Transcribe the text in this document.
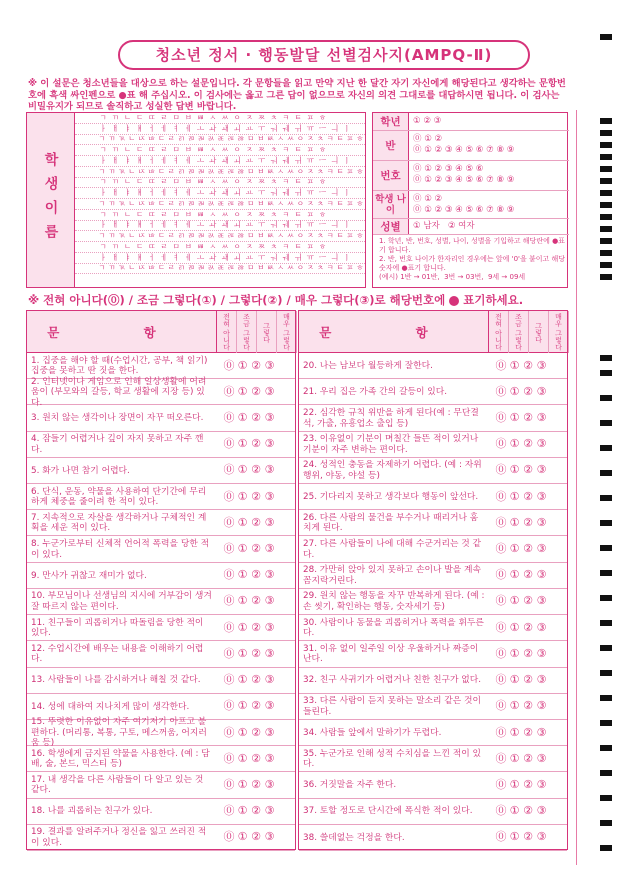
청소년 정서 · 행동발달 선별검사지(AMPQ-Ⅱ)
※ 이 설문은 청소년들을 대상으로 하는 설문입니다. 각 문항들을 읽고 만약 지난 한 달간 자기 자신에게 해당된다고 생각하는 문항번호에 흑색 싸인펜으로 ●표 해 주십시오. 이 검사에는 옳고 그른 답이 없으므로 자신의 의견 그대로를 대답하시면 됩니다. 이 검사는 비밀유지가 되므로 솔직하고 성실한 답변 바랍니다.
학생이름
ㄱ ㄲ ㄴ ㄷ ㄸ ㄹ ㅁ ㅂ ㅃ ㅅ ㅆ ㅇ ㅈ ㅉ ㅊ ㅋ ㅌ ㅍ ㅎ
ㅏ ㅐ ㅑ ㅒ ㅓ ㅔ ㅕ ㅖ ㅗ ㅘ ㅙ ㅚ ㅛ ㅜ ㅝ ㅞ ㅟ ㅠ ㅡ ㅢ ㅣ
ㄱ ㄲ ㄳ ㄴ ㄵ ㄶ ㄷ ㄹ ㄺ ㄻ ㄼ ㄽ ㄾ ㄿ ㅀ ㅁ ㅂ ㅄ ㅅ ㅆ ㅇ ㅈ ㅊ ㅋ ㅌ ㅍ ㅎ
ㄱ ㄲ ㄴ ㄷ ㄸ ㄹ ㅁ ㅂ ㅃ ㅅ ㅆ ㅇ ㅈ ㅉ ㅊ ㅋ ㅌ ㅍ ㅎ
ㅏ ㅐ ㅑ ㅒ ㅓ ㅔ ㅕ ㅖ ㅗ ㅘ ㅙ ㅚ ㅛ ㅜ ㅝ ㅞ ㅟ ㅠ ㅡ ㅢ ㅣ
ㄱ ㄲ ㄳ ㄴ ㄵ ㄶ ㄷ ㄹ ㄺ ㄻ ㄼ ㄽ ㄾ ㄿ ㅀ ㅁ ㅂ ㅄ ㅅ ㅆ ㅇ ㅈ ㅊ ㅋ ㅌ ㅍ ㅎ
ㄱ ㄲ ㄴ ㄷ ㄸ ㄹ ㅁ ㅂ ㅃ ㅅ ㅆ ㅇ ㅈ ㅉ ㅊ ㅋ ㅌ ㅍ ㅎ
ㅏ ㅐ ㅑ ㅒ ㅓ ㅔ ㅕ ㅖ ㅗ ㅘ ㅙ ㅚ ㅛ ㅜ ㅝ ㅞ ㅟ ㅠ ㅡ ㅢ ㅣ
ㄱ ㄲ ㄳ ㄴ ㄵ ㄶ ㄷ ㄹ ㄺ ㄻ ㄼ ㄽ ㄾ ㄿ ㅀ ㅁ ㅂ ㅄ ㅅ ㅆ ㅇ ㅈ ㅊ ㅋ ㅌ ㅍ ㅎ
ㄱ ㄲ ㄴ ㄷ ㄸ ㄹ ㅁ ㅂ ㅃ ㅅ ㅆ ㅇ ㅈ ㅉ ㅊ ㅋ ㅌ ㅍ ㅎ
ㅏ ㅐ ㅑ ㅒ ㅓ ㅔ ㅕ ㅖ ㅗ ㅘ ㅙ ㅚ ㅛ ㅜ ㅝ ㅞ ㅟ ㅠ ㅡ ㅢ ㅣ
ㄱ ㄲ ㄳ ㄴ ㄵ ㄶ ㄷ ㄹ ㄺ ㄻ ㄼ ㄽ ㄾ ㄿ ㅀ ㅁ ㅂ ㅄ ㅅ ㅆ ㅇ ㅈ ㅊ ㅋ ㅌ ㅍ ㅎ
ㄱ ㄲ ㄴ ㄷ ㄸ ㄹ ㅁ ㅂ ㅃ ㅅ ㅆ ㅇ ㅈ ㅉ ㅊ ㅋ ㅌ ㅍ ㅎ
ㅏ ㅐ ㅑ ㅒ ㅓ ㅔ ㅕ ㅖ ㅗ ㅘ ㅙ ㅚ ㅛ ㅜ ㅝ ㅞ ㅟ ㅠ ㅡ ㅢ ㅣ
ㄱ ㄲ ㄳ ㄴ ㄵ ㄶ ㄷ ㄹ ㄺ ㄻ ㄼ ㄽ ㄾ ㄿ ㅀ ㅁ ㅂ ㅄ ㅅ ㅆ ㅇ ㅈ ㅊ ㅋ ㅌ ㅍ ㅎ
학년	① ② ③
반
⓪ ① ②
⓪ ① ② ③ ④ ⑤ ⑥ ⑦ ⑧ ⑨
번호
⓪ ① ② ③ ④ ⑤ ⑥
⓪ ① ② ③ ④ ⑤ ⑥ ⑦ ⑧ ⑨
학생 나이
⓪ ① ②
⓪ ① ② ③ ④ ⑤ ⑥ ⑦ ⑧ ⑨
성별	① 남자   ② 여자
1. 학년, 반, 번호, 성별, 나이, 성별을 기입하고 해당란에 ●표기 합니다.
2. 반, 번호 나이가 한자리인 경우에는 앞에 '0'을 붙이고 해당 숫자에 ●표기 합니다.
(예시) 1반 → 01반,  3번 → 03번,  9세 → 09세
※ 전혀 아니다(⓪) / 조금 그렇다(①) / 그렇다(②) / 매우 그렇다(③)로 해당번호에 표기하세요.
문 항	전혀 아니다	조금 그렇다	그렇다	매우 그렇다
1. 집중을 해야 할 때(수업시간, 공부, 책 읽기) 집중을 못하고 딴 짓을 한다.	⓪ ① ② ③
2. 인터넷이나 게임으로 인해 일상생활에 어려움이 (부모와의 갈등, 학교 생활에 지장 등) 있다.
⓪ ① ② ③
3. 원치 않는 생각이나 장면이 자꾸 떠오른다.	⓪ ① ② ③
4. 잠들기 어렵거나 깊이 자지 못하고 자주 깬다.	⓪ ① ② ③
5. 화가 나면 참기 어렵다.	⓪ ① ② ③
6. 단식, 운동, 약물을 사용하여 단기간에 무리하게 체중을 줄이려 한 적이 있다.	⓪ ① ② ③
7. 지속적으로 자살을 생각하거나 구체적인 계획을 세운 적이 있다.	⓪ ① ② ③
8. 누군가로부터 신체적 언어적 폭력을 당한 적이 있다.	⓪ ① ② ③
9. 만사가 귀찮고 재미가 없다.	⓪ ① ② ③
10. 부모님이나 선생님의 지시에 거부감이 생겨 잘 따르지 않는 편이다.	⓪ ① ② ③
11. 친구들이 괴롭히거나 따돌림을 당한 적이 있다.	⓪ ① ② ③
12. 수업시간에 배우는 내용을 이해하기 어렵다.	⓪ ① ② ③
13. 사람들이 나를 감시하거나 해칠 것 같다.	⓪ ① ② ③
14. 성에 대하여 지나치게 많이 생각한다.	⓪ ① ② ③
15. 뚜렷한 이유없이 자주 여기저기 아프고 불편하다. (머리통, 복통, 구토, 메스꺼움, 어지러움 등)
⓪ ① ② ③
16. 학생에게 금지된 약물을 사용한다. (예 : 담배, 술, 본드, 믹스티 등)	⓪ ① ② ③
17. 내 생각을 다른 사람들이 다 알고 있는 것 같다.	⓪ ① ② ③
18. 나를 괴롭히는 친구가 있다.	⓪ ① ② ③
19. 결과를 알려주거나 정신을 잃고 쓰러진 적이 있다.	⓪ ① ② ③
문 항	전혀 아니다	조금 그렇다	그렇다	매우 그렇다
20. 나는 남보다 월등하게 잘한다.	⓪ ① ② ③
21. 우리 집은 가족 간의 갈등이 있다.	⓪ ① ② ③
22. 심각한 규칙 위반을 하게 된다(예 : 무단결석, 가출, 유흥업소 출입 등)	⓪ ① ② ③
23. 이유없이 기분이 며칠간 들뜬 적이 있거나 기분이 자주 변하는 편이다.	⓪ ① ② ③
24. 성적인 충동을 자제하기 어렵다. (예 : 자위행위, 야동, 야설 등)	⓪ ① ② ③
25. 기다리지 못하고 생각보다 행동이 앞선다.	⓪ ① ② ③
26. 다른 사람의 물건을 부수거나 때리거나 훔치게 된다.	⓪ ① ② ③
27. 다른 사람들이 나에 대해 수군거리는 것 같다.	⓪ ① ② ③
28. 가만히 앉아 있지 못하고 손이나 발을 계속 꼼지락거린다.	⓪ ① ② ③
29. 원치 않는 행동을 자꾸 반복하게 된다. (예 : 손 씻기, 확인하는 행동, 숫자세기 등)	⓪ ① ② ③
30. 사람이나 동물을 괴롭히거나 폭력을 휘두른다.	⓪ ① ② ③
31. 이유 없이 일주일 이상 우울하거나 짜증이 난다.	⓪ ① ② ③
32. 친구 사귀기가 어렵거나 친한 친구가 없다.	⓪ ① ② ③
33. 다른 사람이 듣지 못하는 말소리 같은 것이 들린다.	⓪ ① ② ③
34. 사람들 앞에서 말하기가 두렵다.	⓪ ① ② ③
35. 누군가로 인해 성적 수치심을 느낀 적이 있다.	⓪ ① ② ③
36. 거짓말을 자주 한다.	⓪ ① ② ③
37. 토할 정도로 단시간에 폭식한 적이 있다.	⓪ ① ② ③
38. 쓸데없는 걱정을 한다.	⓪ ① ② ③
